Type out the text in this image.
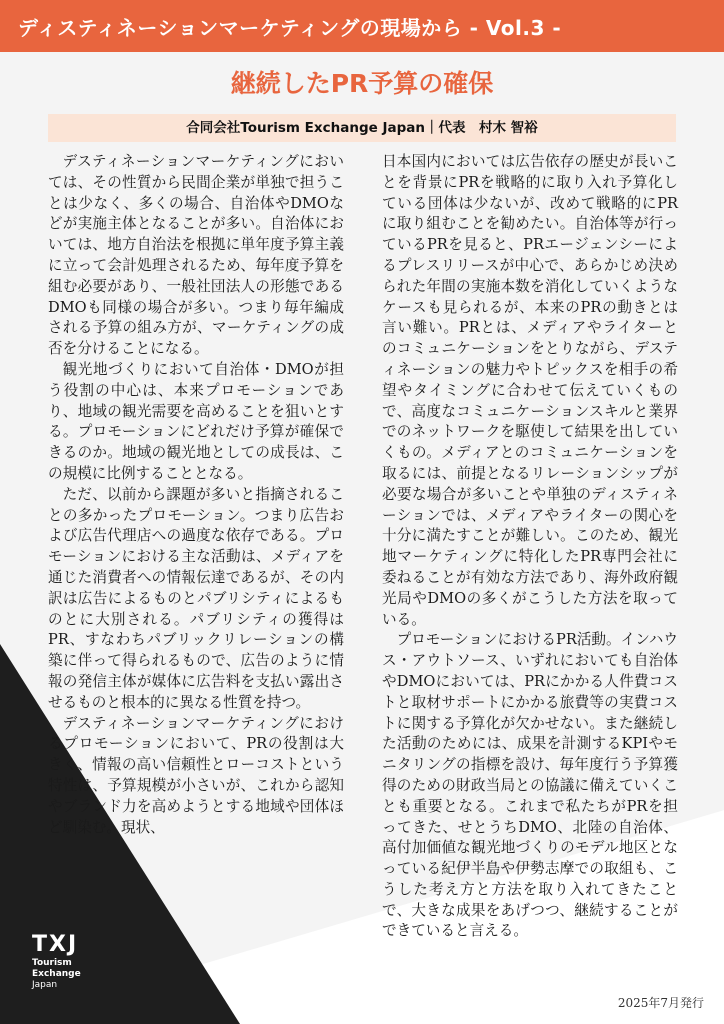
ディスティネーションマーケティングの現場から - Vol.3 -
継続したPR予算の確保
合同会社Tourism Exchange Japan｜代表　村木 智裕

デスティネーションマーケティングにおいては、その性質から民間企業が単独で担うことは少なく、多くの場合、自治体やDMOなどが実施主体となることが多い。自治体においては、地方自治法を根拠に単年度予算主義に立って会計処理されるため、毎年度予算を組む必要があり、一般社団法人の形態であるDMOも同様の場合が多い。つまり毎年編成される予算の組み方が、マーケティングの成否を分けることになる。

観光地づくりにおいて自治体・DMOが担う役割の中心は、本来プロモーションであり、地域の観光需要を高めることを狙いとする。プロモーションにどれだけ予算が確保できるのか。地域の観光地としての成長は、この規模に比例することとなる。

ただ、以前から課題が多いと指摘されることの多かったプロモーション。つまり広告および広告代理店への過度な依存である。プロモーションにおける主な活動は、メディアを通じた消費者への情報伝達であるが、その内訳は広告によるものとパブリシティによるものとに大別される。パブリシティの獲得はPR、すなわちパブリックリレーションの構築に伴って得られるもので、広告のように情報の発信主体が媒体に広告料を支払い露出させるものと根本的に異なる性質を持つ。

デスティネーションマーケティングにおけるプロモーションにおいて、PRの役割は大きく、情報の高い信頼性とローコストという特性は、予算規模が小さいが、これから認知やブランド力を高めようとする地域や団体ほど馴染む。現状、

日本国内においては広告依存の歴史が長いことを背景にPRを戦略的に取り入れ予算化している団体は少ないが、改めて戦略的にPRに取り組むことを勧めたい。自治体等が行っているPRを見ると、PRエージェンシーによるプレスリリースが中心で、あらかじめ決められた年間の実施本数を消化していくようなケースも見られるが、本来のPRの動きとは言い難い。PRとは、メディアやライターとのコミュニケーションをとりながら、デスティネーションの魅力やトピックスを相手の希望やタイミングに合わせて伝えていくもので、高度なコミュニケーションスキルと業界でのネットワークを駆使して結果を出していくもの。メディアとのコミュニケーションを取るには、前提となるリレーションシップが必要な場合が多いことや単独のディスティネーションでは、メディアやライターの関心を十分に満たすことが難しい。このため、観光地マーケティングに特化したPR専門会社に委ねることが有効な方法であり、海外政府観光局やDMOの多くがこうした方法を取っている。

プロモーションにおけるPR活動。インハウス・アウトソース、いずれにおいても自治体やDMOにおいては、PRにかかる人件費コストと取材サポートにかかる旅費等の実費コストに関する予算化が欠かせない。また継続した活動のためには、成果を計測するKPIやモニタリングの指標を設け、毎年度行う予算獲得のための財政当局との協議に備えていくことも重要となる。これまで私たちがPRを担ってきた、せとうちDMO、北陸の自治体、高付加価値な観光地づくりのモデル地区となっている紀伊半島や伊勢志摩での取組も、こうした考え方と方法を取り入れてきたことで、大きな成果をあげつつ、継続することができていると言える。

TXJ
Tourism
Exchange
Japan
2025年7月発行
